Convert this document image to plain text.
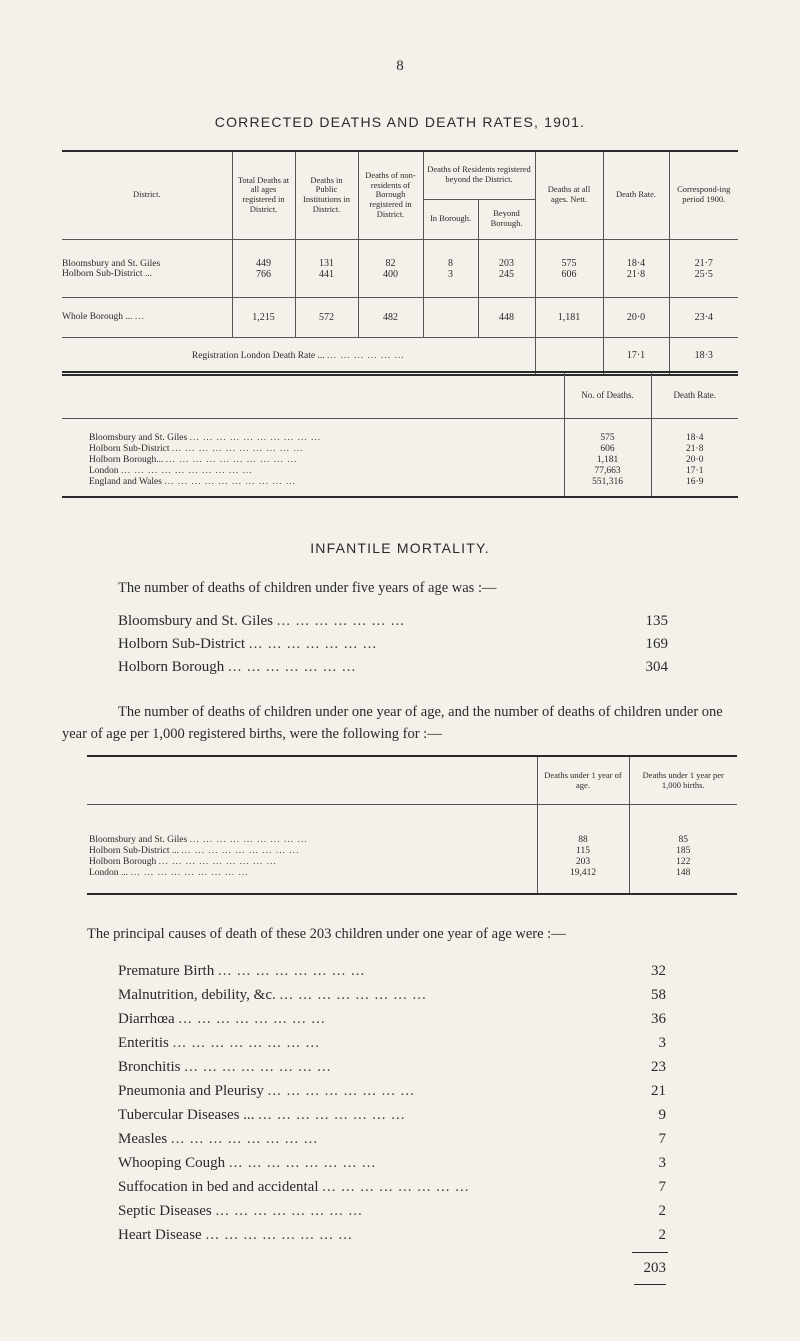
8
CORRECTED DEATHS AND DEATH RATES, 1901.
District.	Total Deaths at all ages registered in District.	Deaths in Public Institutions in District.	Deaths of non-residents of Borough registered in District.	Deaths of Residents registered beyond the District.		Deaths at all ages. Nett.	Death Rate.	Correspond-ing period 1900.
				In Borough.	Beyond Borough.			
Bloomsbury and St. Giles	449	131	82	8	203	575	18·4	21·7
Holborn Sub-District ...	766	441	400	3	245	606	21·8	25·5
Whole Borough ... ...	1,215	572	482		448	1,181	20·0	23·4
Registration London Death Rate ... ... ... ... ... ... ...							17·1	18·3
	No. of Deaths.	Death Rate.

Bloomsbury and St. Giles ... ... ... ... ... ... ... ... ... ...	575	18·4
Holborn Sub-District ... ... ... ... ... ... ... ... ... ...	606	21·8
Holborn Borough... ... ... ... ... ... ... ... ... ... ...	1,181	20·0
London ... ... ... ... ... ... ... ... ... ...	77,663	17·1
England and Wales ... ... ... ... ... ... ... ... ... ...	551,316	16·9

INFANTILE MORTALITY.
The number of deaths of children under five years of age was :—
Bloomsbury and St. Giles ... ... ... ... ... ... ...	135
Holborn Sub-District ... ... ... ... ... ... ...	169
Holborn Borough ... ... ... ... ... ... ...	304
The number of deaths of children under one year of age, and the number of deaths of children under one year of age per 1,000 registered births, were the following for :—
	Deaths under 1 year of age.	Deaths under 1 year per 1,000 births.

Bloomsbury and St. Giles ... ... ... ... ... ... ... ... ...	88	85
Holborn Sub-District ... ... ... ... ... ... ... ... ... ...	115	185
Holborn Borough ... ... ... ... ... ... ... ... ...	203	122
London ... ... ... ... ... ... ... ... ... ...	19,412	148

The principal causes of death of these 203 children under one year of age were :—
Premature Birth ... ... ... ... ... ... ... ...	32
Malnutrition, debility, &c. ... ... ... ... ... ... ... ...	58
Diarrhœa ... ... ... ... ... ... ... ...	36
Enteritis ... ... ... ... ... ... ... ...	3
Bronchitis ... ... ... ... ... ... ... ...	23
Pneumonia and Pleurisy ... ... ... ... ... ... ... ...	21
Tubercular Diseases ... ... ... ... ... ... ... ... ...	9
Measles ... ... ... ... ... ... ... ...	7
Whooping Cough ... ... ... ... ... ... ... ...	3
Suffocation in bed and accidental ... ... ... ... ... ... ... ...	7
Septic Diseases ... ... ... ... ... ... ... ...	2
Heart Disease ... ... ... ... ... ... ... ...	2
203
